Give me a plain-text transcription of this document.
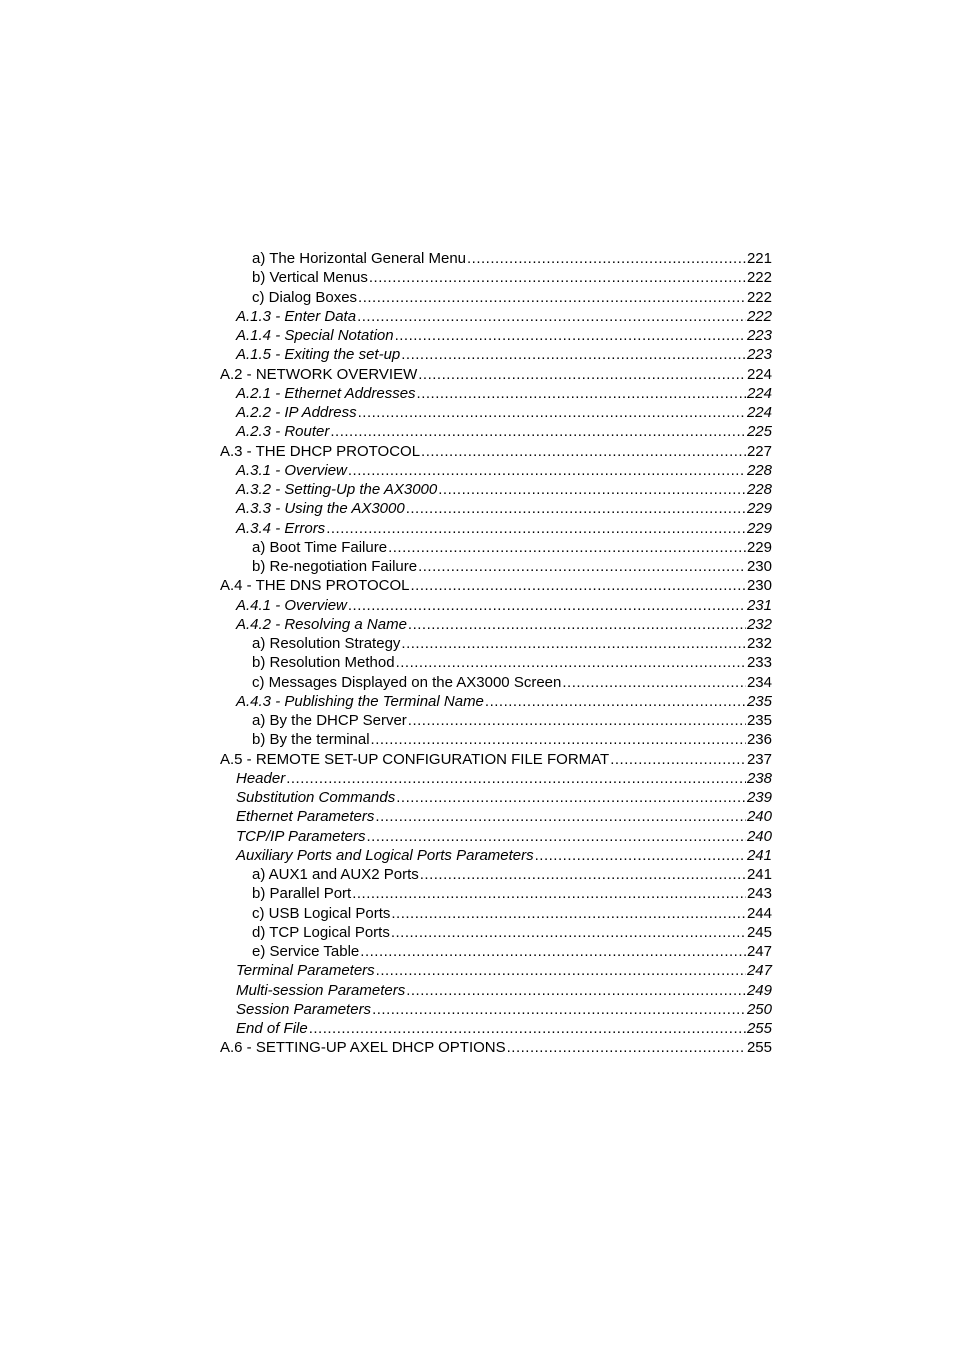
a) The Horizontal General Menu .....	221
b) Vertical Menus .....	222
c) Dialog Boxes .....	222
A.1.3 - Enter Data .....	222
A.1.4 - Special Notation .....	223
A.1.5 - Exiting the set-up .....	223
A.2 - NETWORK OVERVIEW .....	224
A.2.1 - Ethernet Addresses .....	224
A.2.2 - IP Address .....	224
A.2.3 - Router .....	225
A.3 - THE DHCP PROTOCOL .....	227
A.3.1 - Overview .....	228
A.3.2 - Setting-Up the AX3000 .....	228
A.3.3 - Using the AX3000 .....	229
A.3.4 - Errors .....	229
a) Boot Time Failure .....	229
b) Re-negotiation Failure .....	230
A.4 - THE DNS PROTOCOL .....	230
A.4.1 - Overview .....	231
A.4.2 - Resolving a Name .....	232
a) Resolution Strategy .....	232
b) Resolution Method .....	233
c) Messages Displayed on the AX3000 Screen .....	234
A.4.3 - Publishing the Terminal Name .....	235
a) By the DHCP Server .....	235
b) By the terminal .....	236
A.5 - REMOTE SET-UP CONFIGURATION FILE FORMAT .....	237
Header .....	238
Substitution Commands .....	239
Ethernet Parameters .....	240
TCP/IP Parameters .....	240
Auxiliary Ports and Logical Ports Parameters .....	241
a) AUX1 and AUX2 Ports .....	241
b) Parallel Port .....	243
c) USB Logical Ports .....	244
d) TCP Logical Ports .....	245
e) Service Table .....	247
Terminal Parameters .....	247
Multi-session Parameters .....	249
Session Parameters .....	250
End of File .....	255
A.6 - SETTING-UP AXEL DHCP OPTIONS .....	255
